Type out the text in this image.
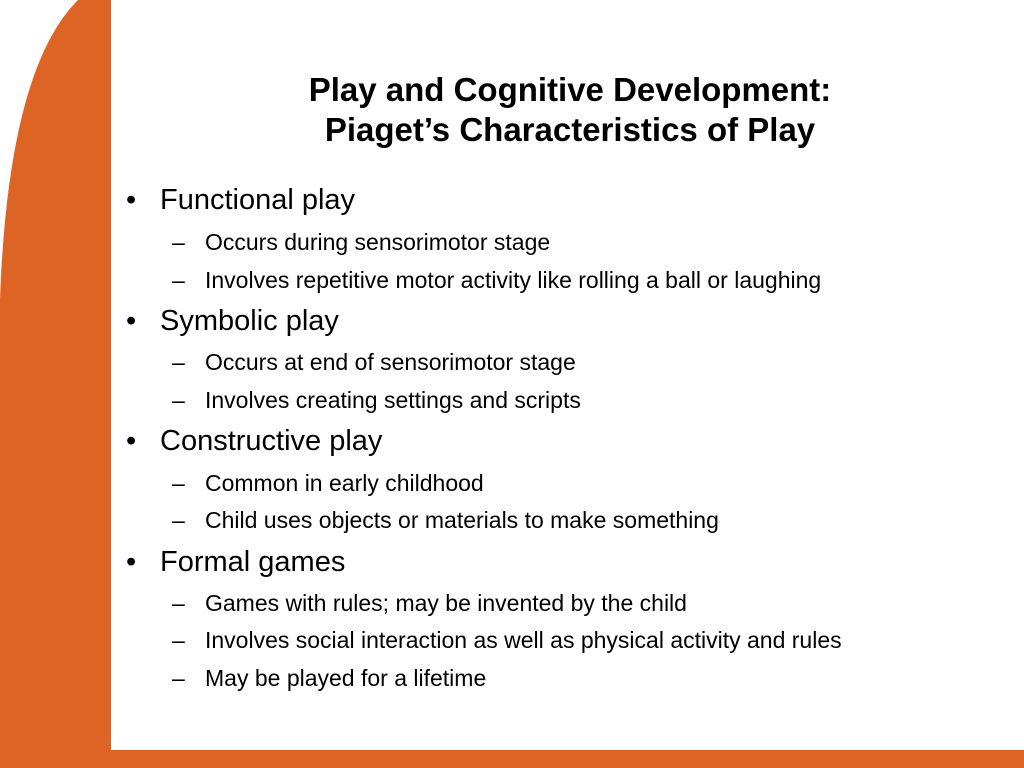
Play and Cognitive Development:
Piaget’s Characteristics of Play
• Functional play
– Occurs during sensorimotor stage
– Involves repetitive motor activity like rolling a ball or laughing
• Symbolic play
– Occurs at end of sensorimotor stage
– Involves creating settings and scripts
• Constructive play
– Common in early childhood
– Child uses objects or materials to make something
• Formal games
– Games with rules; may be invented by the child
– Involves social interaction as well as physical activity and rules
– May be played for a lifetime
